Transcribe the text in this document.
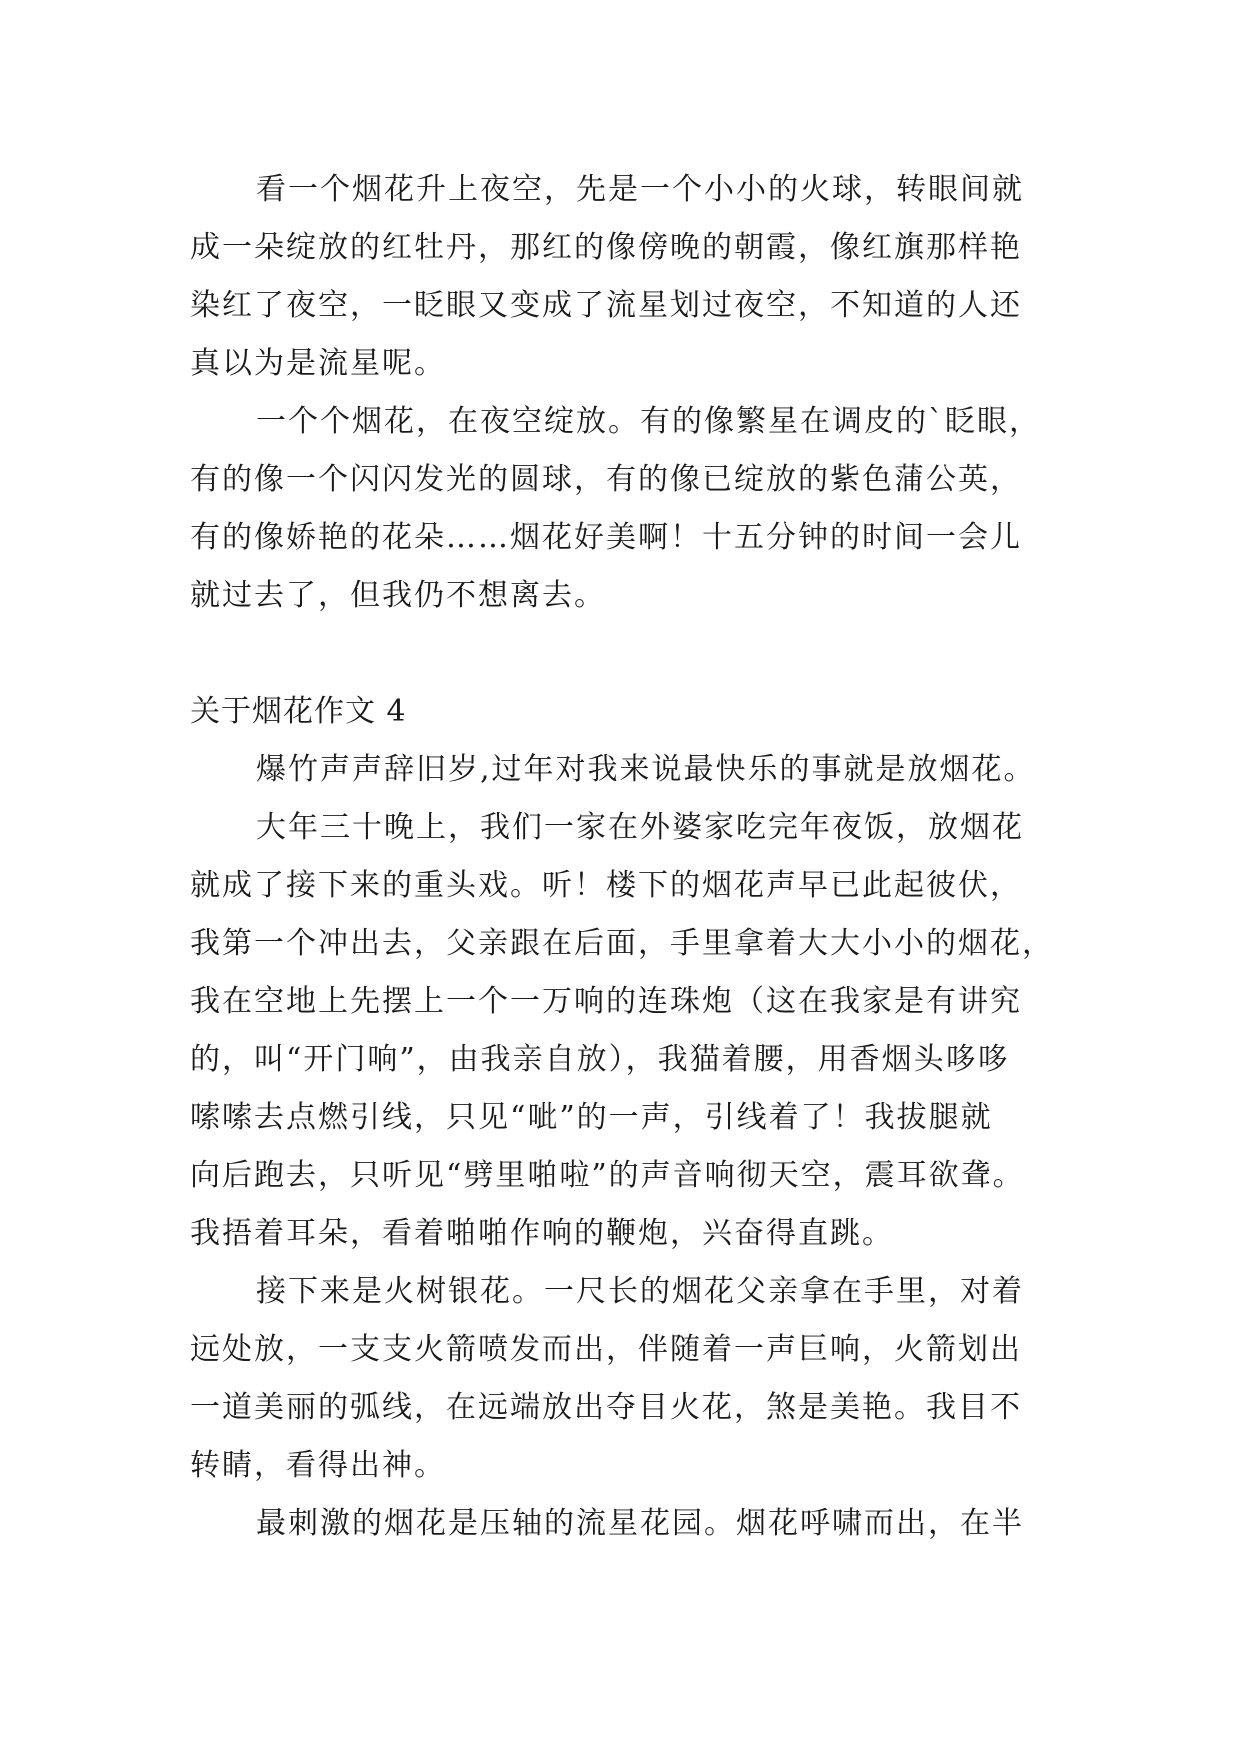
看一个烟花升上夜空，先是一个小小的火球，转眼间就
成一朵绽放的红牡丹，那红的像傍晚的朝霞，像红旗那样艳
染红了夜空，一眨眼又变成了流星划过夜空，不知道的人还
真以为是流星呢。
一个个烟花，在夜空绽放。有的像繁星在调皮的`眨眼，
有的像一个闪闪发光的圆球，有的像已绽放的紫色蒲公英，
有的像娇艳的花朵……烟花好美啊！十五分钟的时间一会儿
就过去了，但我仍不想离去。
关于烟花作文 4
爆竹声声辞旧岁,过年对我来说最快乐的事就是放烟花。
大年三十晚上，我们一家在外婆家吃完年夜饭，放烟花
就成了接下来的重头戏。听！楼下的烟花声早已此起彼伏，
我第一个冲出去，父亲跟在后面，手里拿着大大小小的烟花，
我在空地上先摆上一个一万响的连珠炮（这在我家是有讲究
的，叫“开门响”，由我亲自放），我猫着腰，用香烟头哆哆
嗦嗦去点燃引线，只见“呲”的一声，引线着了！我拔腿就
向后跑去，只听见“劈里啪啦”的声音响彻天空，震耳欲聋。
我捂着耳朵，看着啪啪作响的鞭炮，兴奋得直跳。
接下来是火树银花。一尺长的烟花父亲拿在手里，对着
远处放，一支支火箭喷发而出，伴随着一声巨响，火箭划出
一道美丽的弧线，在远端放出夺目火花，煞是美艳。我目不
转睛，看得出神。
最刺激的烟花是压轴的流星花园。烟花呼啸而出，在半
